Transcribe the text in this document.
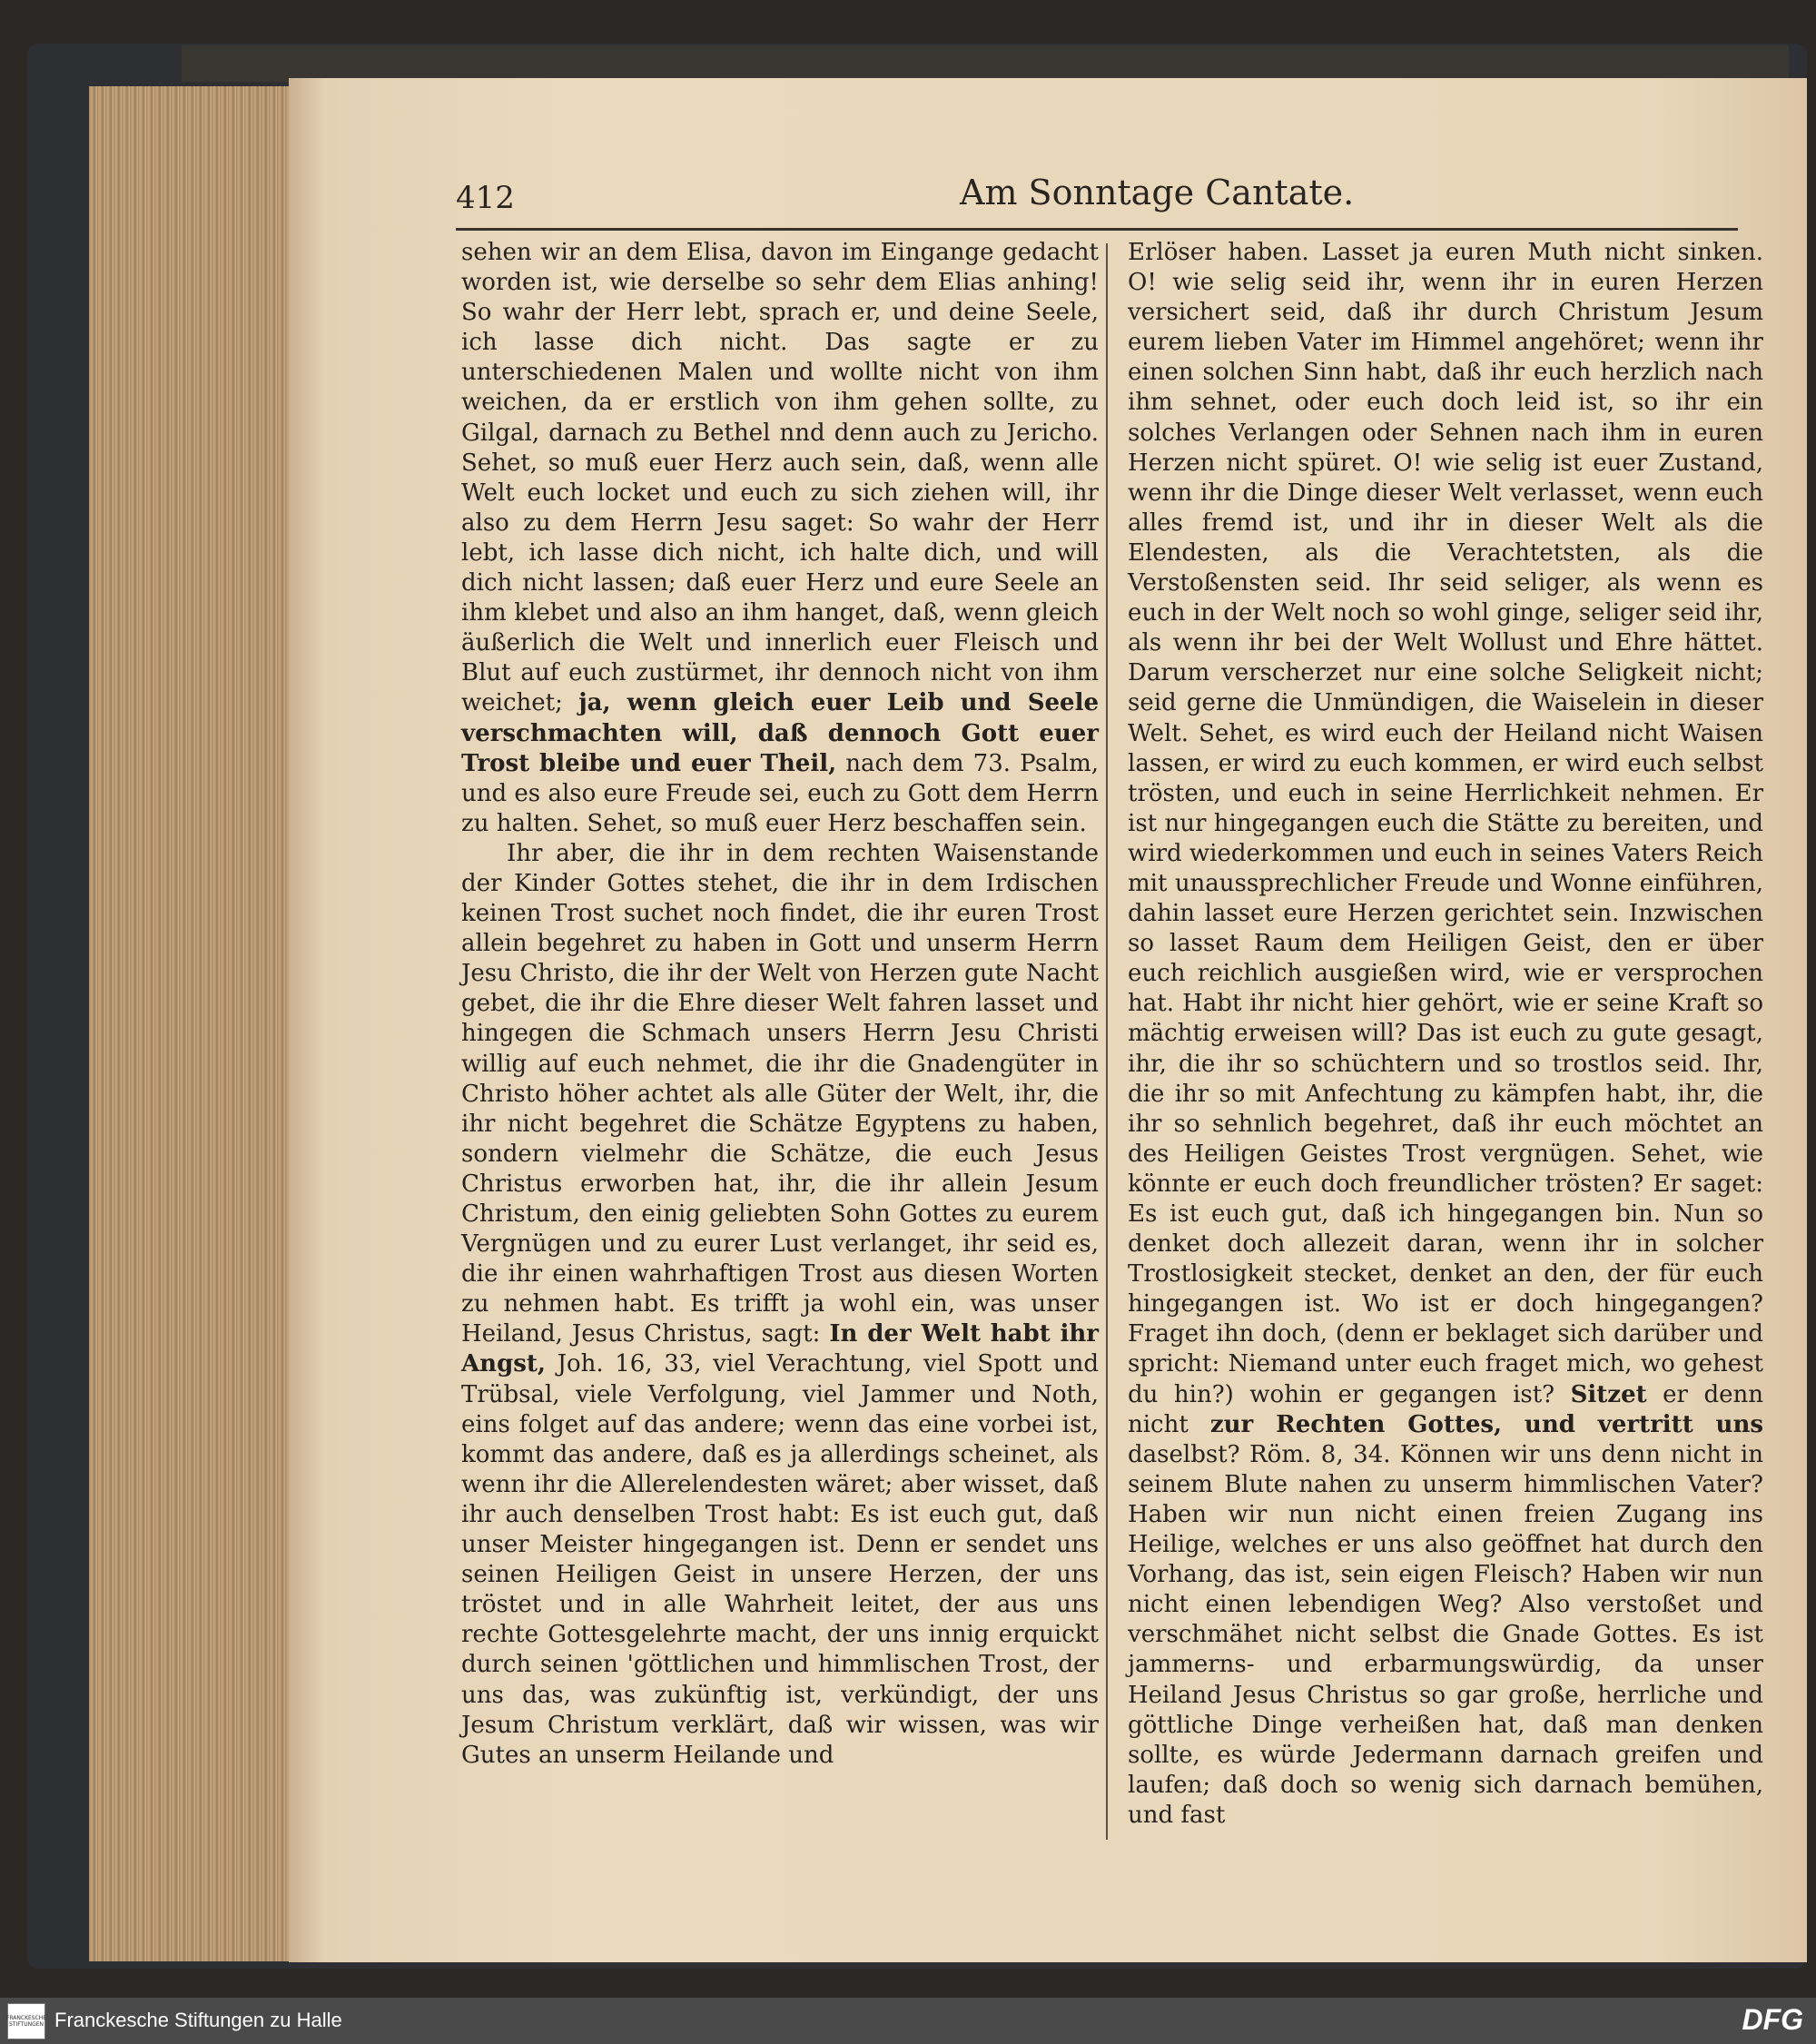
412	Am Sonntage Cantate.

sehen wir an dem Elisa, davon im Eingange gedacht worden ist, wie derselbe so sehr dem Elias anhing! So wahr der Herr lebt, sprach er, und deine Seele, ich lasse dich nicht. Das sagte er zu unterschiedenen Malen und wollte nicht von ihm weichen, da er erstlich von ihm gehen sollte, zu Gilgal, darnach zu Bethel nnd denn auch zu Jericho. Sehet, so muß euer Herz auch sein, daß, wenn alle Welt euch locket und euch zu sich ziehen will, ihr also zu dem Herrn Jesu saget: So wahr der Herr lebt, ich lasse dich nicht, ich halte dich, und will dich nicht lassen; daß euer Herz und eure Seele an ihm klebet und also an ihm hanget, daß, wenn gleich äußerlich die Welt und innerlich euer Fleisch und Blut auf euch zustürmet, ihr dennoch nicht von ihm weichet; ja, wenn gleich euer Leib und Seele verschmachten will, daß dennoch Gott euer Trost bleibe und euer Theil, nach dem 73. Psalm, und es also eure Freude sei, euch zu Gott dem Herrn zu halten. Sehet, so muß euer Herz beschaffen sein.

Ihr aber, die ihr in dem rechten Waisenstande der Kinder Gottes stehet, die ihr in dem Irdischen keinen Trost suchet noch findet, die ihr euren Trost allein begehret zu haben in Gott und unserm Herrn Jesu Christo, die ihr der Welt von Herzen gute Nacht gebet, die ihr die Ehre dieser Welt fahren lasset und hingegen die Schmach unsers Herrn Jesu Christi willig auf euch nehmet, die ihr die Gnadengüter in Christo höher achtet als alle Güter der Welt, ihr, die ihr nicht begehret die Schätze Egyptens zu haben, sondern vielmehr die Schätze, die euch Jesus Christus erworben hat, ihr, die ihr allein Jesum Christum, den einig geliebten Sohn Gottes zu eurem Vergnügen und zu eurer Lust verlanget, ihr seid es, die ihr einen wahrhaftigen Trost aus diesen Worten zu nehmen habt. Es trifft ja wohl ein, was unser Heiland, Jesus Christus, sagt: In der Welt habt ihr Angst, Joh. 16, 33, viel Verachtung, viel Spott und Trübsal, viele Verfolgung, viel Jammer und Noth, eins folget auf das andere; wenn das eine vorbei ist, kommt das andere, daß es ja allerdings scheinet, als wenn ihr die Allerelendesten wäret; aber wisset, daß ihr auch denselben Trost habt: Es ist euch gut, daß unser Meister hingegangen ist. Denn er sendet uns seinen Heiligen Geist in unsere Herzen, der uns tröstet und in alle Wahrheit leitet, der aus uns rechte Gottesgelehrte macht, der uns innig erquickt durch seinen 'göttlichen und himmlischen Trost, der uns das, was zukünftig ist, verkündigt, der uns Jesum Christum verklärt, daß wir wissen, was wir Gutes an unserm Heilande und

Erlöser haben. Lasset ja euren Muth nicht sinken. O! wie selig seid ihr, wenn ihr in euren Herzen versichert seid, daß ihr durch Christum Jesum eurem lieben Vater im Himmel angehöret; wenn ihr einen solchen Sinn habt, daß ihr euch herzlich nach ihm sehnet, oder euch doch leid ist, so ihr ein solches Verlangen oder Sehnen nach ihm in euren Herzen nicht spüret. O! wie selig ist euer Zustand, wenn ihr die Dinge dieser Welt verlasset, wenn euch alles fremd ist, und ihr in dieser Welt als die Elendesten, als die Verachtetsten, als die Verstoßensten seid. Ihr seid seliger, als wenn es euch in der Welt noch so wohl ginge, seliger seid ihr, als wenn ihr bei der Welt Wollust und Ehre hättet. Darum verscherzet nur eine solche Seligkeit nicht; seid gerne die Unmündigen, die Waiselein in dieser Welt. Sehet, es wird euch der Heiland nicht Waisen lassen, er wird zu euch kommen, er wird euch selbst trösten, und euch in seine Herrlichkeit nehmen. Er ist nur hingegangen euch die Stätte zu bereiten, und wird wiederkommen und euch in seines Vaters Reich mit unaussprechlicher Freude und Wonne einführen, dahin lasset eure Herzen gerichtet sein. Inzwischen so lasset Raum dem Heiligen Geist, den er über euch reichlich ausgießen wird, wie er versprochen hat. Habt ihr nicht hier gehört, wie er seine Kraft so mächtig erweisen will? Das ist euch zu gute gesagt, ihr, die ihr so schüchtern und so trostlos seid. Ihr, die ihr so mit Anfechtung zu kämpfen habt, ihr, die ihr so sehnlich begehret, daß ihr euch möchtet an des Heiligen Geistes Trost vergnügen. Sehet, wie könnte er euch doch freundlicher trösten? Er saget: Es ist euch gut, daß ich hingegangen bin. Nun so denket doch allezeit daran, wenn ihr in solcher Trostlosigkeit stecket, denket an den, der für euch hingegangen ist. Wo ist er doch hingegangen? Fraget ihn doch, (denn er beklaget sich darüber und spricht: Niemand unter euch fraget mich, wo gehest du hin?) wohin er gegangen ist? Sitzet er denn nicht zur Rechten Gottes, und vertritt uns daselbst? Röm. 8, 34. Können wir uns denn nicht in seinem Blute nahen zu unserm himmlischen Vater? Haben wir nun nicht einen freien Zugang ins Heilige, welches er uns also geöffnet hat durch den Vorhang, das ist, sein eigen Fleisch? Haben wir nun nicht einen lebendigen Weg? Also verstoßet und verschmähet nicht selbst die Gnade Gottes. Es ist jammerns- und erbarmungswürdig, da unser Heiland Jesus Christus so gar große, herrliche und göttliche Dinge verheißen hat, daß man denken sollte, es würde Jedermann darnach greifen und laufen; daß doch so wenig sich darnach bemühen, und fast

FRANCKESCHE STIFTUNGEN Franckesche Stiftungen zu Halle	DFG
